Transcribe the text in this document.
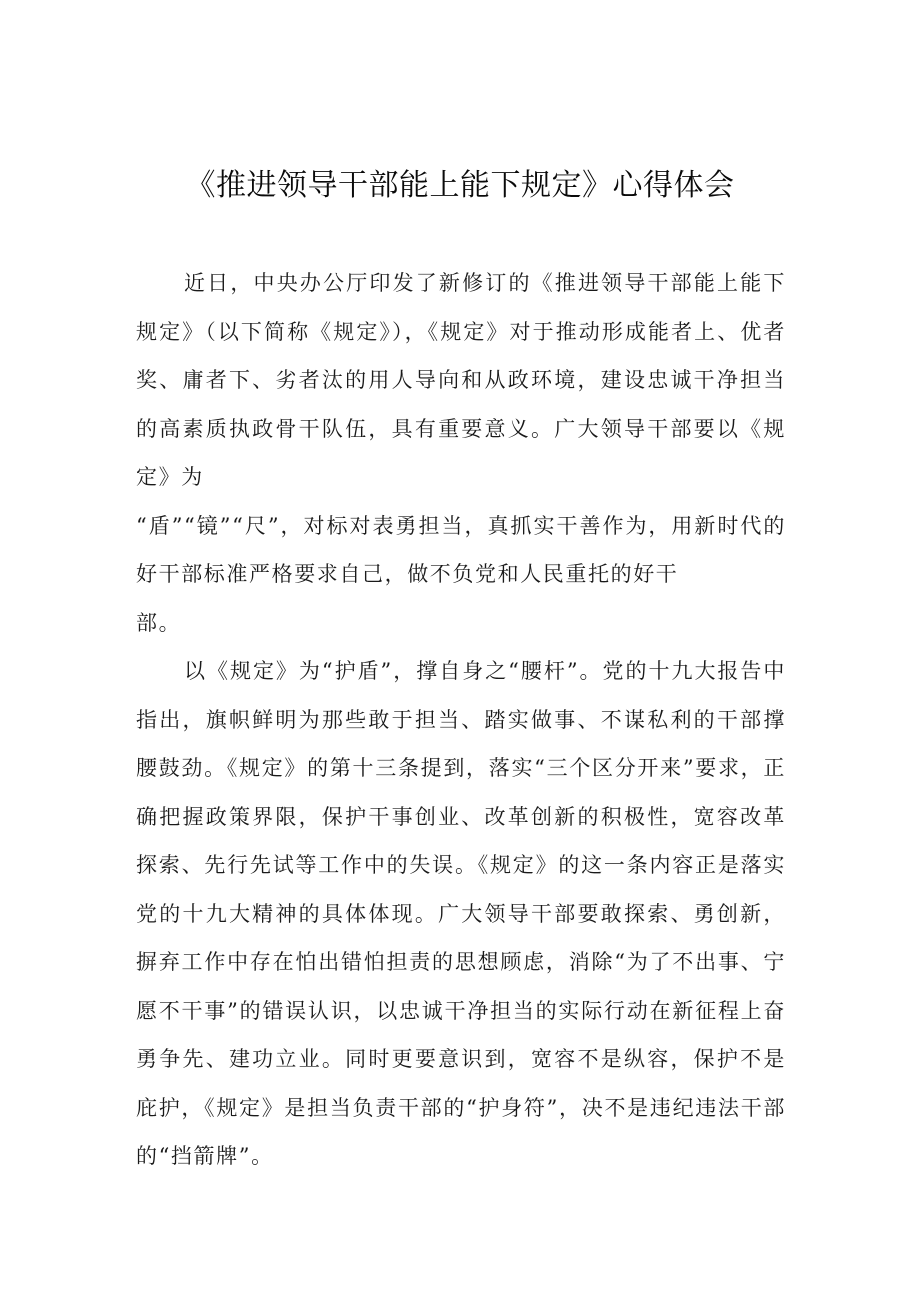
《推进领导干部能上能下规定》心得体会

近日，中央办公厅印发了新修订的《推进领导干部能上能下规定》（以下简称《规定》），《规定》对于推动形成能者上、优者奖、庸者下、劣者汰的用人导向和从政环境，建设忠诚干净担当的高素质执政骨干队伍，具有重要意义。广大领导干部要以《规定》为

“盾”“镜”“尺”，对标对表勇担当，真抓实干善作为，用新时代的好干部标准严格要求自己，做不负党和人民重托的好干

部。

以《规定》为“护盾”，撑自身之“腰杆”。党的十九大报告中指出，旗帜鲜明为那些敢于担当、踏实做事、不谋私利的干部撑腰鼓劲。《规定》的第十三条提到，落实“三个区分开来”要求，正确把握政策界限，保护干事创业、改革创新的积极性，宽容改革探索、先行先试等工作中的失误。《规定》的这一条内容正是落实党的十九大精神的具体体现。广大领导干部要敢探索、勇创新，摒弃工作中存在怕出错怕担责的思想顾虑，消除“为了不出事、宁愿不干事”的错误认识，以忠诚干净担当的实际行动在新征程上奋勇争先、建功立业。同时更要意识到，宽容不是纵容，保护不是庇护，《规定》是担当负责干部的“护身符”，决不是违纪违法干部的“挡箭牌”。
